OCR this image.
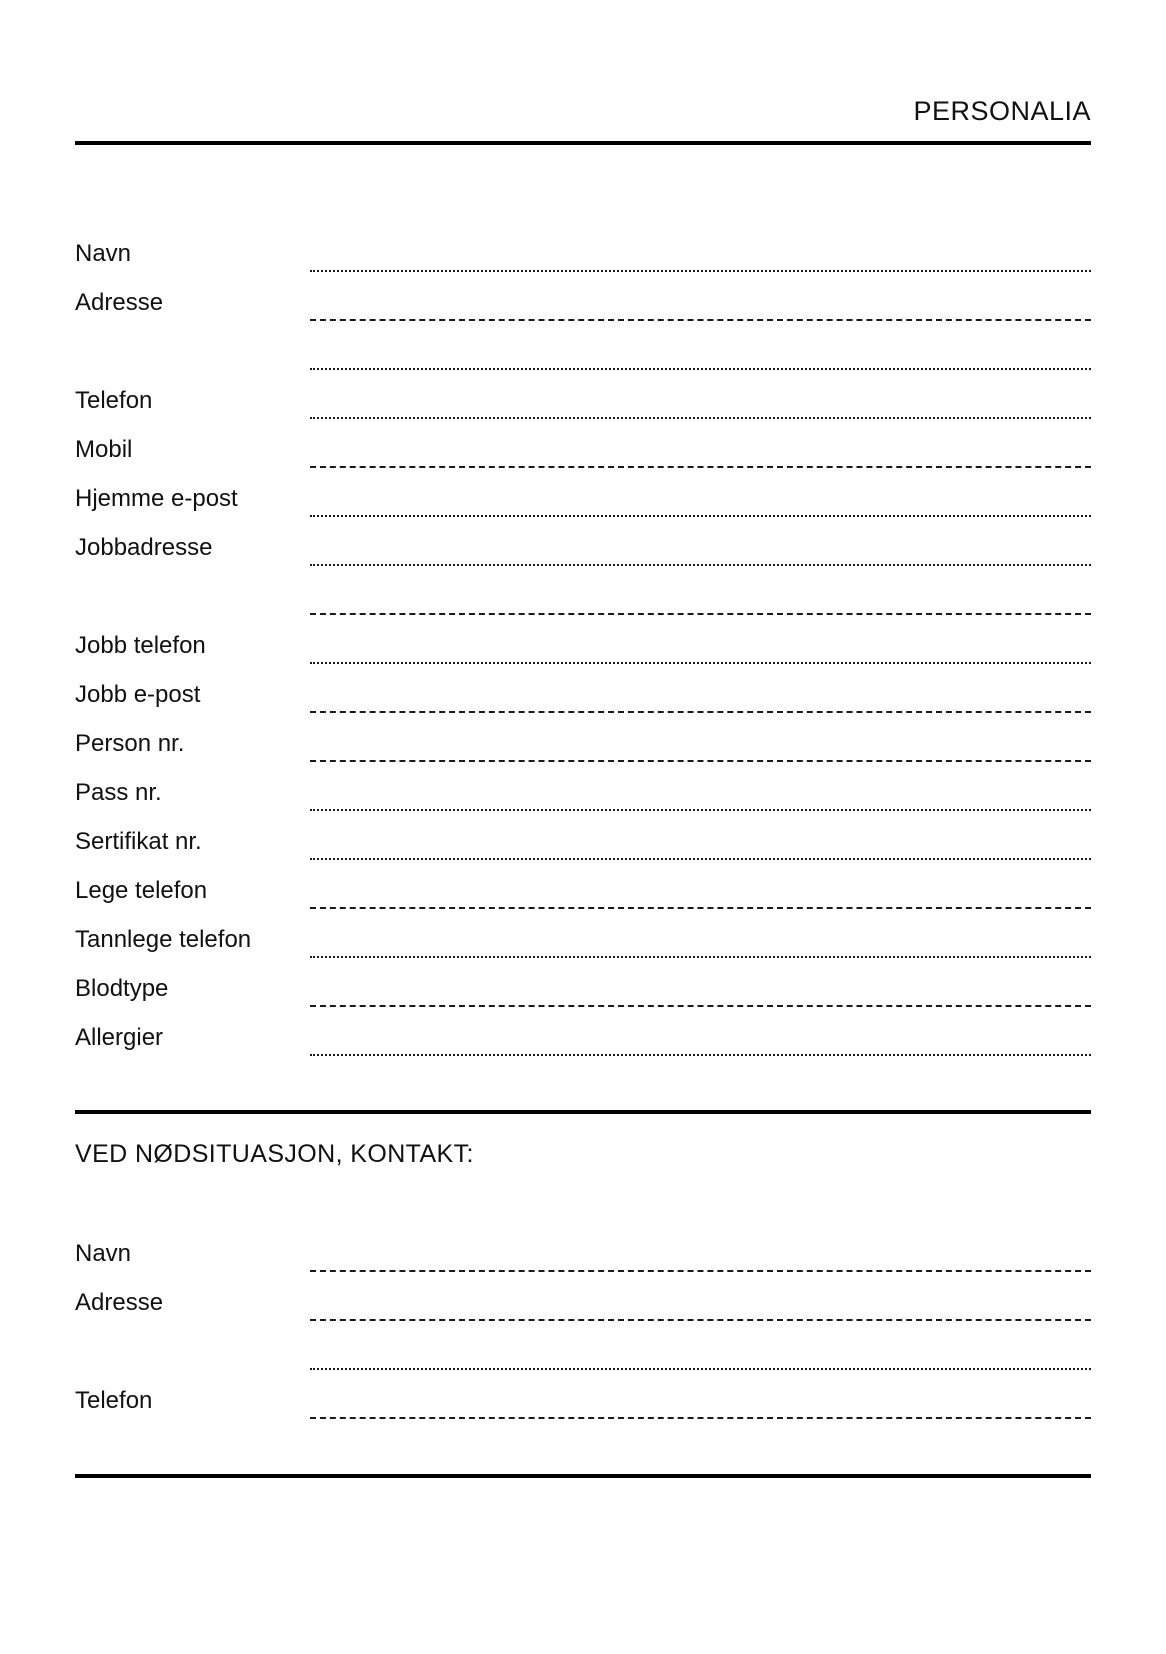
PERSONALIA
Navn
Adresse
Telefon
Mobil
Hjemme e-post
Jobbadresse
Jobb telefon
Jobb e-post
Person nr.
Pass nr.
Sertifikat nr.
Lege telefon
Tannlege telefon
Blodtype
Allergier
VED NØDSITUASJON, KONTAKT:
Navn
Adresse
Telefon
